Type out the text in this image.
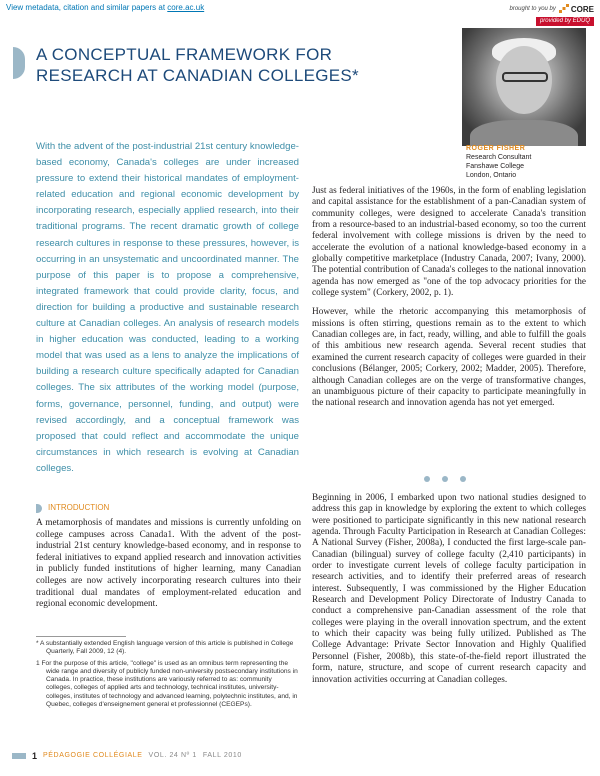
View metadata, citation and similar papers at core.ac.uk	brought to you by CORE
provided by EDUQ
A CONCEPTUAL FRAMEWORK FOR RESEARCH AT CANADIAN COLLEGES*
ROGER FISHER
Research Consultant
Fanshawe College
London, Ontario

With the advent of the post-industrial 21st century knowledge-based economy, Canada's colleges are under increased pressure to extend their historical mandates of employment-related education and regional economic development by incorporating research, especially applied research, into their traditional programs. The recent dramatic growth of college research cultures in response to these pressures, however, is occurring in an unsystematic and uncoordinated manner. The purpose of this paper is to propose a comprehensive, integrated framework that could provide clarity, focus, and direction for building a productive and sustainable research culture at Canadian colleges. An analysis of research models in higher education was conducted, leading to a working model that was used as a lens to analyze the implications of building a research culture specifically adapted for Canadian colleges. The six attributes of the working model (purpose, forms, governance, personnel, funding, and output) were revised accordingly, and a conceptual framework was proposed that could reflect and accommodate the unique circumstances in which research is evolving at Canadian colleges.

INTRODUCTION

A metamorphosis of mandates and missions is currently unfolding on college campuses across Canada1. With the advent of the post-industrial 21st century knowledge-based economy, and in response to federal initiatives to expand applied research and innovation activities in publicly funded institutions of higher learning, many Canadian colleges are now actively incorporating research cultures into their traditional dual mandates of employment-related education and regional economic development.

* A substantially extended English language version of this article is published in College Quarterly, Fall 2009, 12 (4).

1 For the purpose of this article, "college" is used as an omnibus term representing the wide range and diversity of publicly funded non-university postsecondary institutions in Canada. In practice, these institutions are variously referred to as: community colleges, colleges of applied arts and technology, technical institutes, university-colleges, institutes of technology and advanced learning, polytechnic institutes, and, in Quebec, colleges d'enseignement general et professionnel (CEGEPs).

Just as federal initiatives of the 1960s, in the form of enabling legislation and capital assistance for the establishment of a pan-Canadian system of community colleges, were designed to accelerate Canada's transition from a resource-based to an industrial-based economy, so too the current federal involvement with college missions is driven by the need to accelerate the evolution of a national knowledge-based economy in a globally competitive marketplace (Industry Canada, 2007; Ivany, 2000). The potential contribution of Canada's colleges to the national innovation agenda has now emerged as "one of the top advocacy priorities for the college system" (Corkery, 2002, p. 1).

However, while the rhetoric accompanying this metamorphosis of missions is often stirring, questions remain as to the extent to which Canadian colleges are, in fact, ready, willing, and able to fulfill the goals of this ambitious new research agenda. Several recent studies that examined the current research capacity of colleges were guarded in their conclusions (Bélanger, 2005; Corkery, 2002; Madder, 2005). Therefore, although Canadian colleges are on the verge of transformative changes, an unambiguous picture of their capacity to participate meaningfully in the national research and innovation agenda has not yet emerged.

Beginning in 2006, I embarked upon two national studies designed to address this gap in knowledge by exploring the extent to which colleges were positioned to participate significantly in this new national research agenda. Through Faculty Participation in Research at Canadian Colleges: A National Survey (Fisher, 2008a), I conducted the first large-scale pan-Canadian (bilingual) survey of college faculty (2,410 participants) in order to investigate current levels of college faculty participation in research activities, and to identify their preferred areas of research interest. Subsequently, I was commissioned by the Higher Education Research and Development Policy Directorate of Industry Canada to conduct a comprehensive pan-Canadian assessment of the role that colleges were playing in the overall innovation spectrum, and the extent to which their capacity was being fully utilized. Published as The College Advantage: Private Sector Innovation and Highly Qualified Personnel (Fisher, 2008b), this state-of-the-field report illustrated the form, nature, structure, and scope of current research capacity and innovation activities occurring at Canadian colleges.

1 PÉDAGOGIE COLLÉGIALE VOL. 24 Nº 1 FALL 2010
